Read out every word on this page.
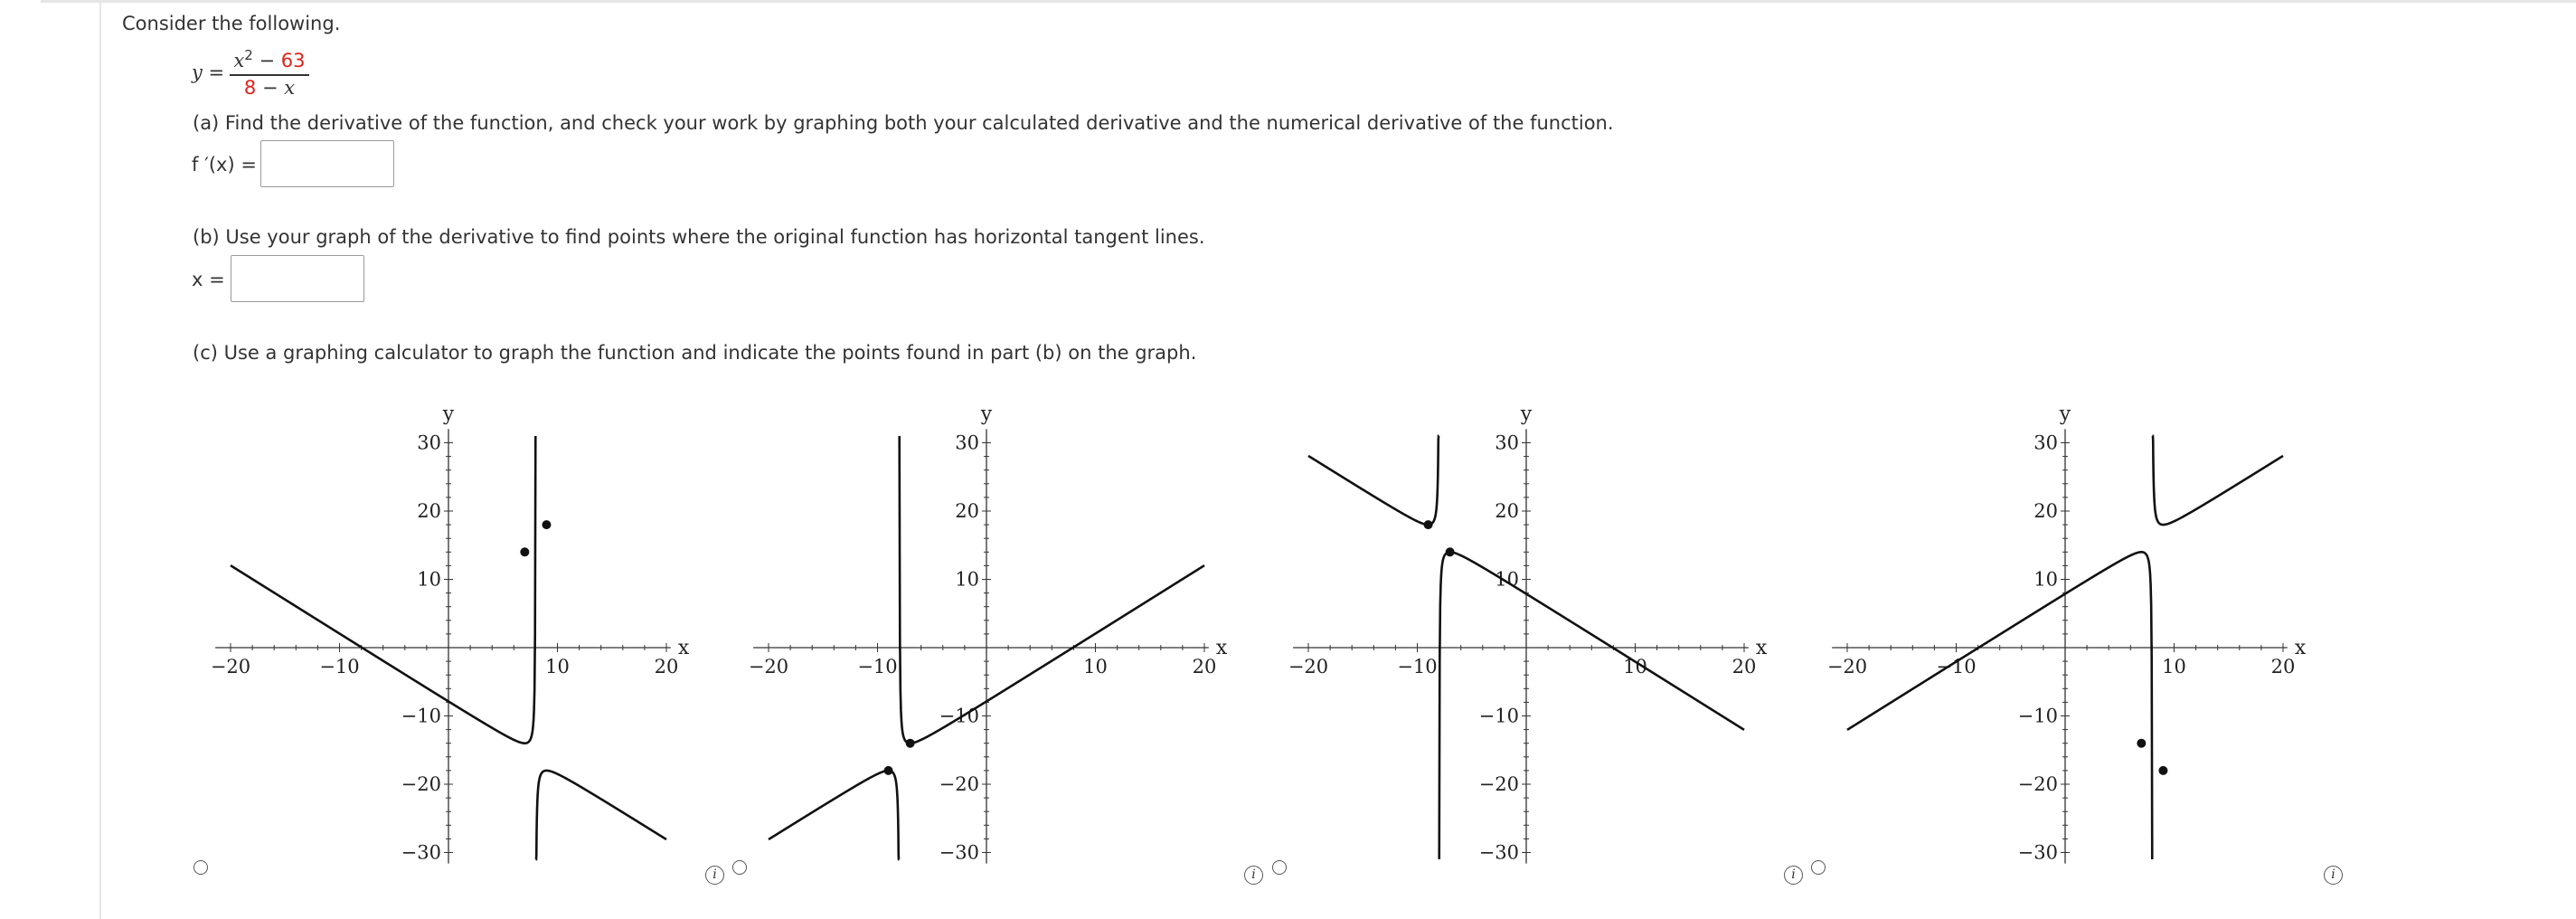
Consider the following.
y =
$x^2 - 63$
8 − x
(a) Find the derivative of the function, and check your work by graphing both your calculated derivative and the numerical derivative of the function.
f ′(x) =
(b) Use your graph of the derivative to find points where the original function has horizontal tangent lines.
x =
(c) Use a graphing calculator to graph the function and indicate the points found in part (b) on the graph.
−20	−10	10	20
30
20
10
−10
−20
−30
x
y
−20	−10	10	20
30
20
10
−10
−20
−30
x
y
−20	−10	10	20
30
20
10
−10
−20
−30
x
y
−20	−10	10	20
30
20
10
−10
−20
−30
x
y
i	i	i	i
